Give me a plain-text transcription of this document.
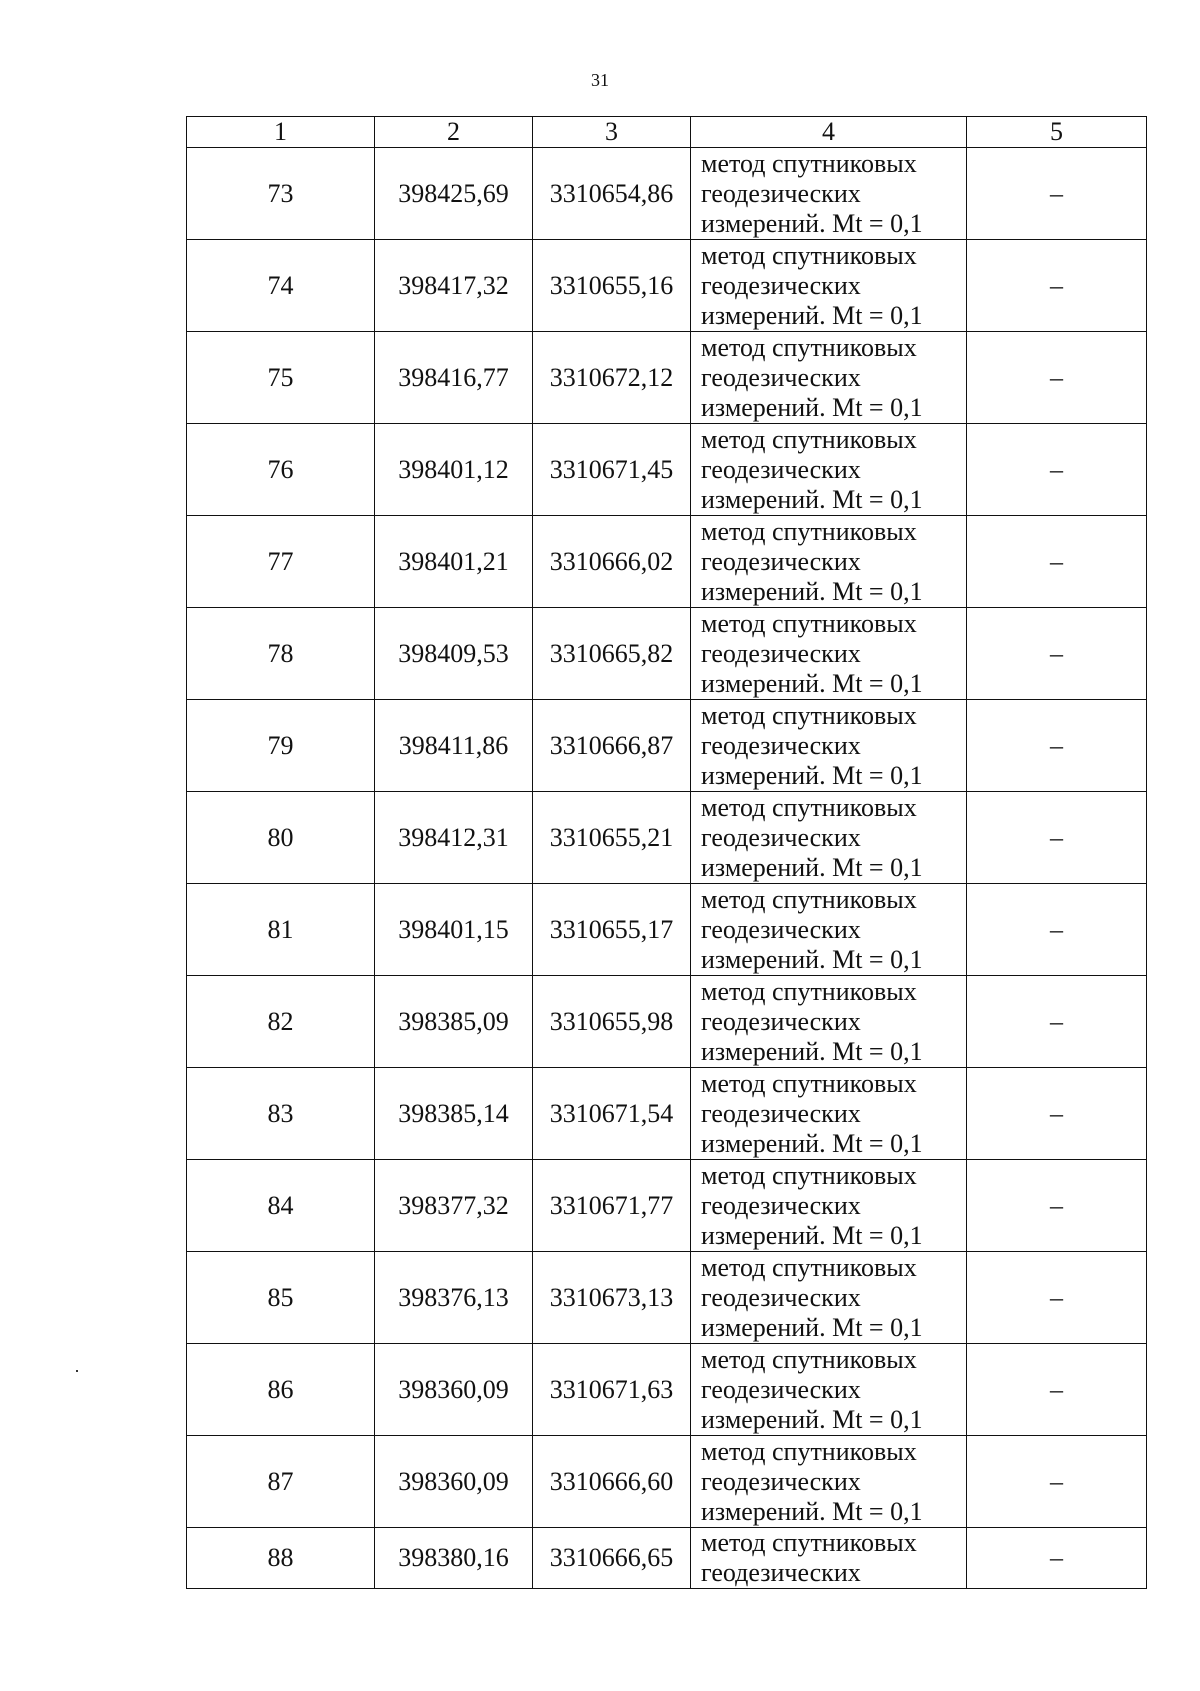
31
1	2	3	4	5
73	398425,69	3310654,86	метод спутниковых
геодезических
измерений. Mt = 0,1	–
74	398417,32	3310655,16	метод спутниковых
геодезических
измерений. Mt = 0,1	–
75	398416,77	3310672,12	метод спутниковых
геодезических
измерений. Mt = 0,1	–
76	398401,12	3310671,45	метод спутниковых
геодезических
измерений. Mt = 0,1	–
77	398401,21	3310666,02	метод спутниковых
геодезических
измерений. Mt = 0,1	–
78	398409,53	3310665,82	метод спутниковых
геодезических
измерений. Mt = 0,1	–
79	398411,86	3310666,87	метод спутниковых
геодезических
измерений. Mt = 0,1	–
80	398412,31	3310655,21	метод спутниковых
геодезических
измерений. Mt = 0,1	–
81	398401,15	3310655,17	метод спутниковых
геодезических
измерений. Mt = 0,1	–
82	398385,09	3310655,98	метод спутниковых
геодезических
измерений. Mt = 0,1	–
83	398385,14	3310671,54	метод спутниковых
геодезических
измерений. Mt = 0,1	–
84	398377,32	3310671,77	метод спутниковых
геодезических
измерений. Mt = 0,1	–
85	398376,13	3310673,13	метод спутниковых
геодезических
измерений. Mt = 0,1	–
86	398360,09	3310671,63	метод спутниковых
геодезических
измерений. Mt = 0,1	–
87	398360,09	3310666,60	метод спутниковых
геодезических
измерений. Mt = 0,1	–
88	398380,16	3310666,65	метод спутниковых
геодезических	–
